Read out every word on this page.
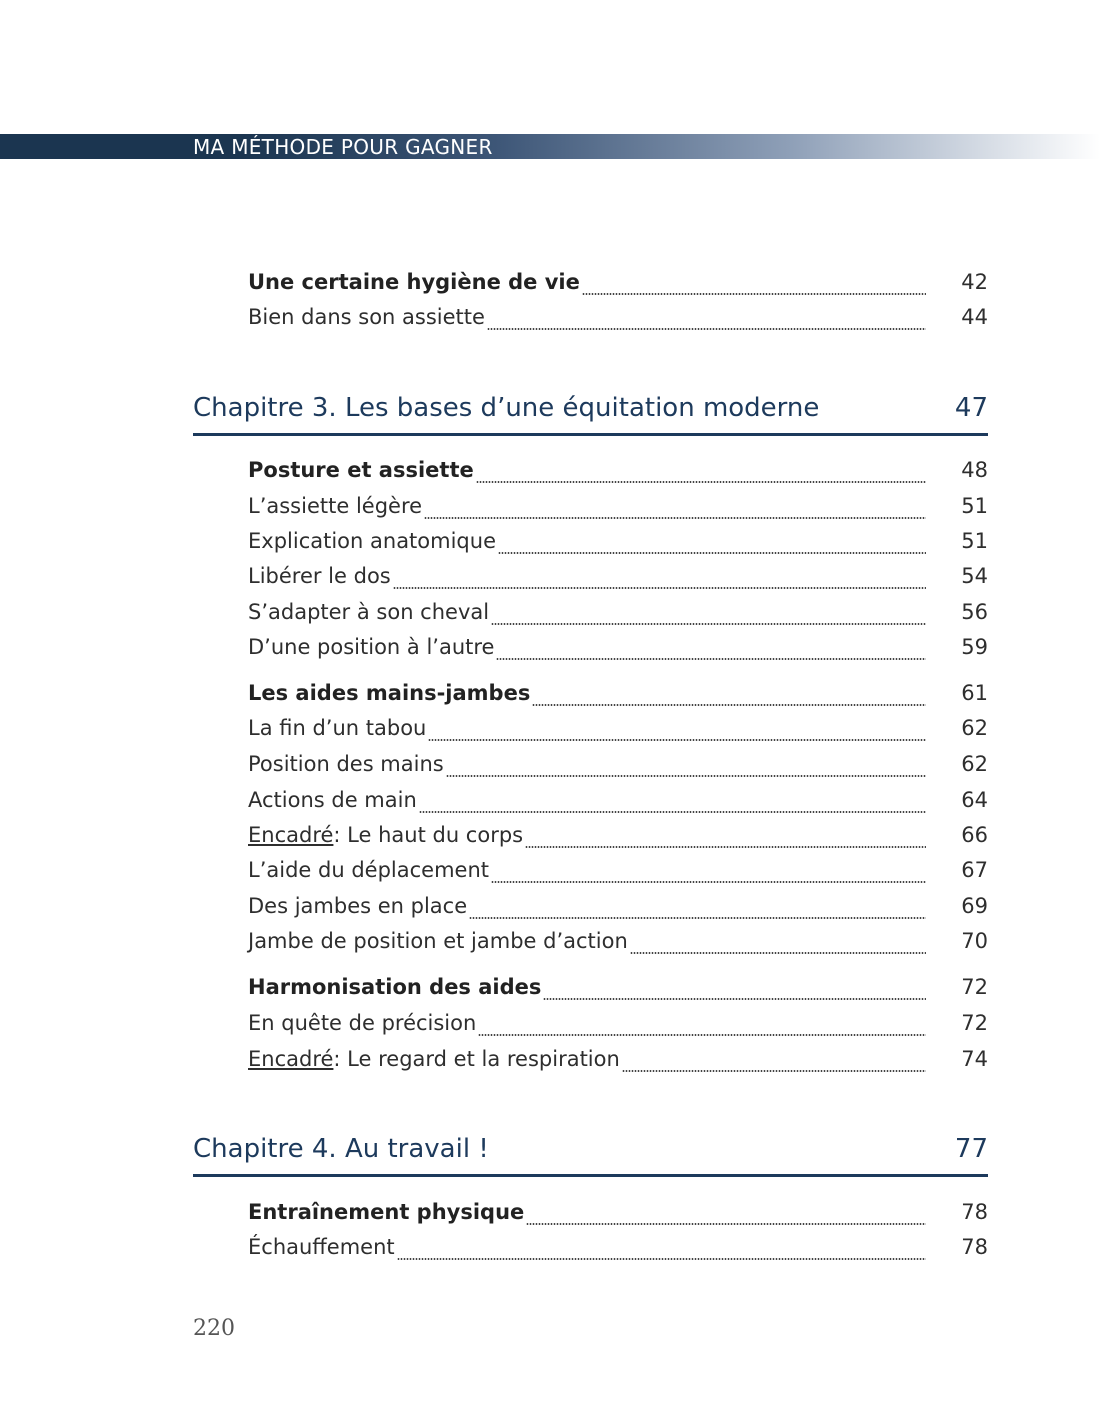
MA MÉTHODE POUR GAGNER
Une certaine hygiène de vie	42
Bien dans son assiette	44
Chapitre 3. Les bases d’une équitation moderne	47
Posture et assiette	48
L’assiette légère	51
Explication anatomique	51
Libérer le dos	54
S’adapter à son cheval	56
D’une position à l’autre	59
Les aides mains-jambes	61
La fin d’un tabou	62
Position des mains	62
Actions de main	64
Encadré : Le haut du corps	66
L’aide du déplacement	67
Des jambes en place	69
Jambe de position et jambe d’action	70
Harmonisation des aides	72
En quête de précision	72
Encadré : Le regard et la respiration	74
Chapitre 4. Au travail !	77
Entraînement physique	78
Échauffement	78
220
